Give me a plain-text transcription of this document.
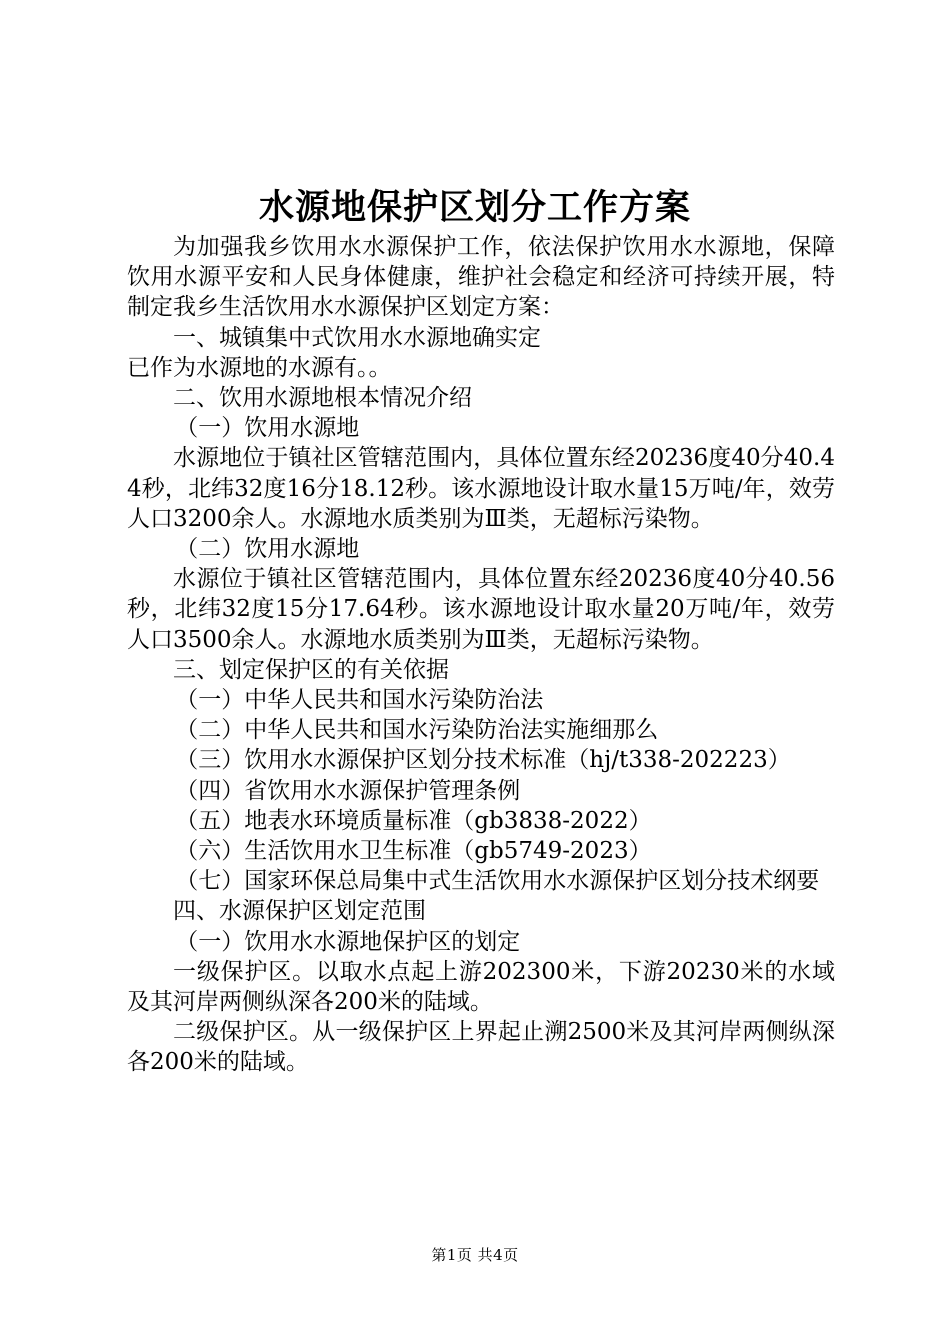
水源地保护区划分工作方案

为加强我乡饮用水水源保护工作，依法保护饮用水水源地，保障饮用水源平安和人民身体健康，维护社会稳定和经济可持续开展，特制定我乡生活饮用水水源保护区划定方案：

一、城镇集中式饮用水水源地确实定

已作为水源地的水源有。。

二、饮用水源地根本情况介绍

（一）饮用水源地

水源地位于镇社区管辖范围内，具体位置东经20236度40分40.44秒，北纬32度16分18.12秒。该水源地设计取水量15万吨/年，效劳人口3200余人。水源地水质类别为Ⅲ类，无超标污染物。

（二）饮用水源地

水源位于镇社区管辖范围内，具体位置东经20236度40分40.56秒，北纬32度15分17.64秒。该水源地设计取水量20万吨/年，效劳人口3500余人。水源地水质类别为Ⅲ类，无超标污染物。

三、划定保护区的有关依据

（一）中华人民共和国水污染防治法

（二）中华人民共和国水污染防治法实施细那么

（三）饮用水水源保护区划分技术标准（hj/t338-202223）

（四）省饮用水水源保护管理条例

（五）地表水环境质量标准（gb3838-2022）

（六）生活饮用水卫生标准（gb5749-2023）

（七）国家环保总局集中式生活饮用水水源保护区划分技术纲要

四、水源保护区划定范围

（一）饮用水水源地保护区的划定

一级保护区。以取水点起上游202300米，下游20230米的水域及其河岸两侧纵深各200米的陆域。

二级保护区。从一级保护区上界起止溯2500米及其河岸两侧纵深各200米的陆域。

第1页 共4页
